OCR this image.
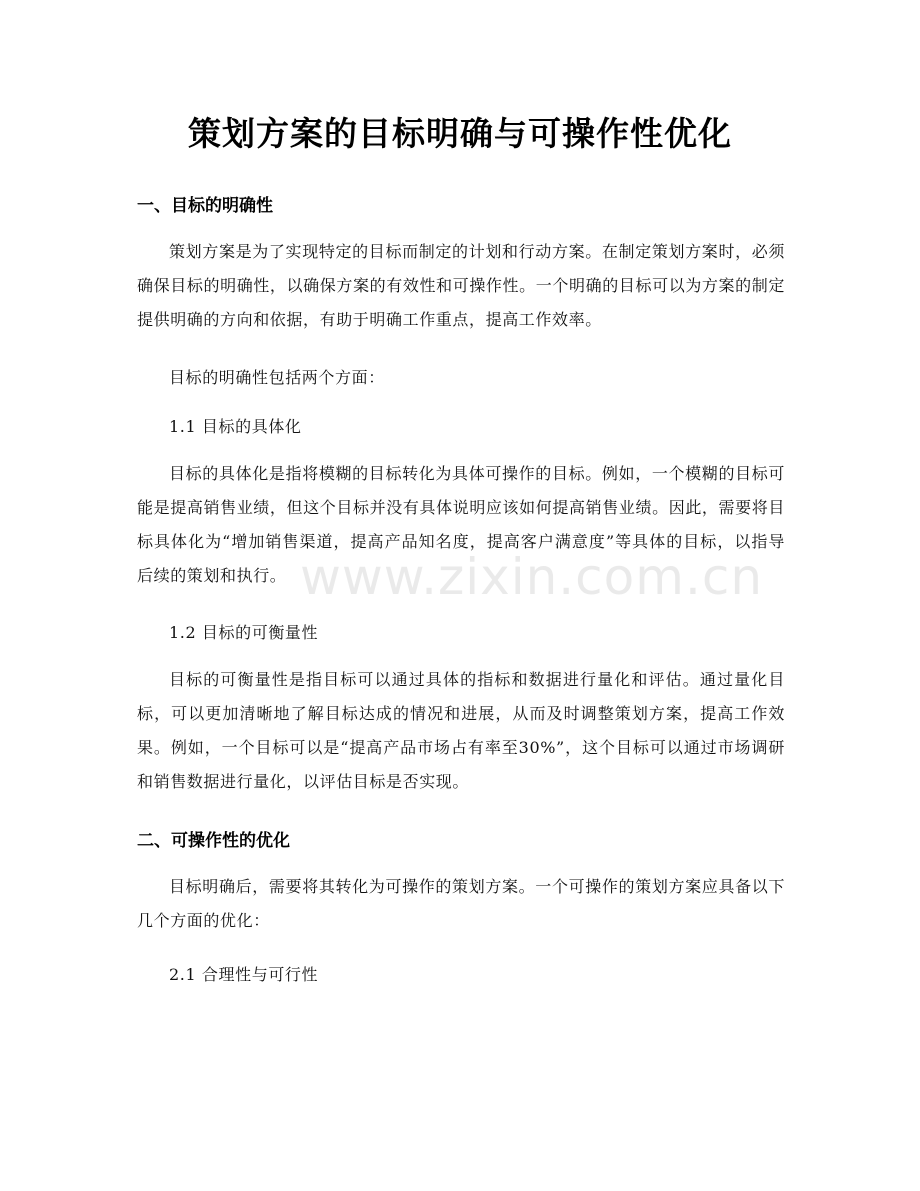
策划方案的目标明确与可操作性优化
一、目标的明确性

策划方案是为了实现特定的目标而制定的计划和行动方案。在制定策划方案时，必须确保目标的明确性，以确保方案的有效性和可操作性。一个明确的目标可以为方案的制定提供明确的方向和依据，有助于明确工作重点，提高工作效率。

目标的明确性包括两个方面：

1.1 目标的具体化

目标的具体化是指将模糊的目标转化为具体可操作的目标。例如，一个模糊的目标可能是提高销售业绩，但这个目标并没有具体说明应该如何提高销售业绩。因此，需要将目标具体化为“增加销售渠道，提高产品知名度，提高客户满意度”等具体的目标，以指导后续的策划和执行。

1.2 目标的可衡量性

目标的可衡量性是指目标可以通过具体的指标和数据进行量化和评估。通过量化目标，可以更加清晰地了解目标达成的情况和进展，从而及时调整策划方案，提高工作效果。例如，一个目标可以是“提高产品市场占有率至30%”，这个目标可以通过市场调研和销售数据进行量化，以评估目标是否实现。

二、可操作性的优化

目标明确后，需要将其转化为可操作的策划方案。一个可操作的策划方案应具备以下几个方面的优化：

2.1 合理性与可行性

www.zixin.com.cn
